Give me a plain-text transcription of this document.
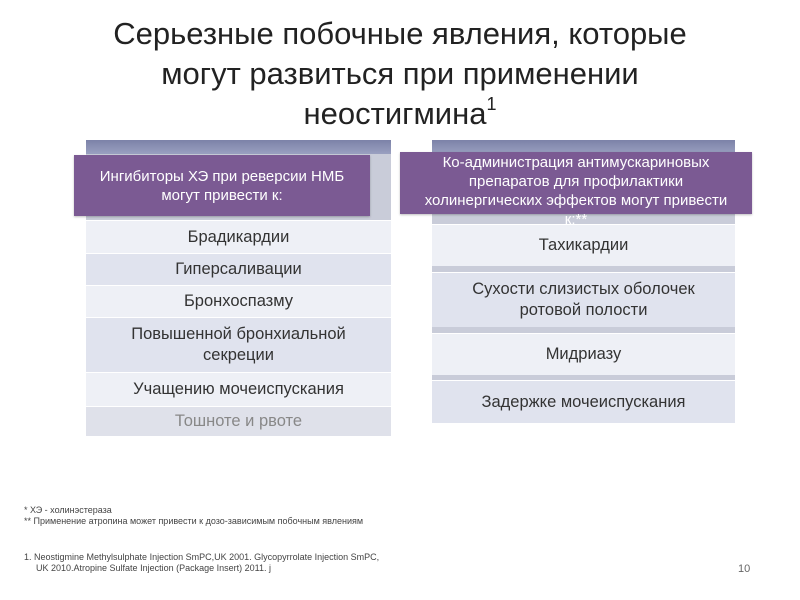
Серьезные побочные явления, которые
могут развиться при применении
неостигмина$^1$
Брадикардии
Гиперсаливации
Бронхоспазму
Повышенной бронхиальной секреции
Учащению мочеиспускания
Тошноте и рвоте
Ингибиторы ХЭ при реверсии НМБ могут привести к:
Тахикардии
Сухости слизистых оболочек ротовой полости
Мидриазу
Задержке мочеиспускания
Ко-администрация антимускариновых препаратов для профилактики холинергических эффектов могут привести к:**
* ХЭ - холинэстераза
** Применение атропина может привести к дозо-зависимым побочным явлениям
1. Neostigmine Methylsulphate Injection SmPC,UK 2001. Glycopyrrolate Injection SmPC,
UK 2010.Atropine Sulfate Injection (Package Insert) 2011. j	10
